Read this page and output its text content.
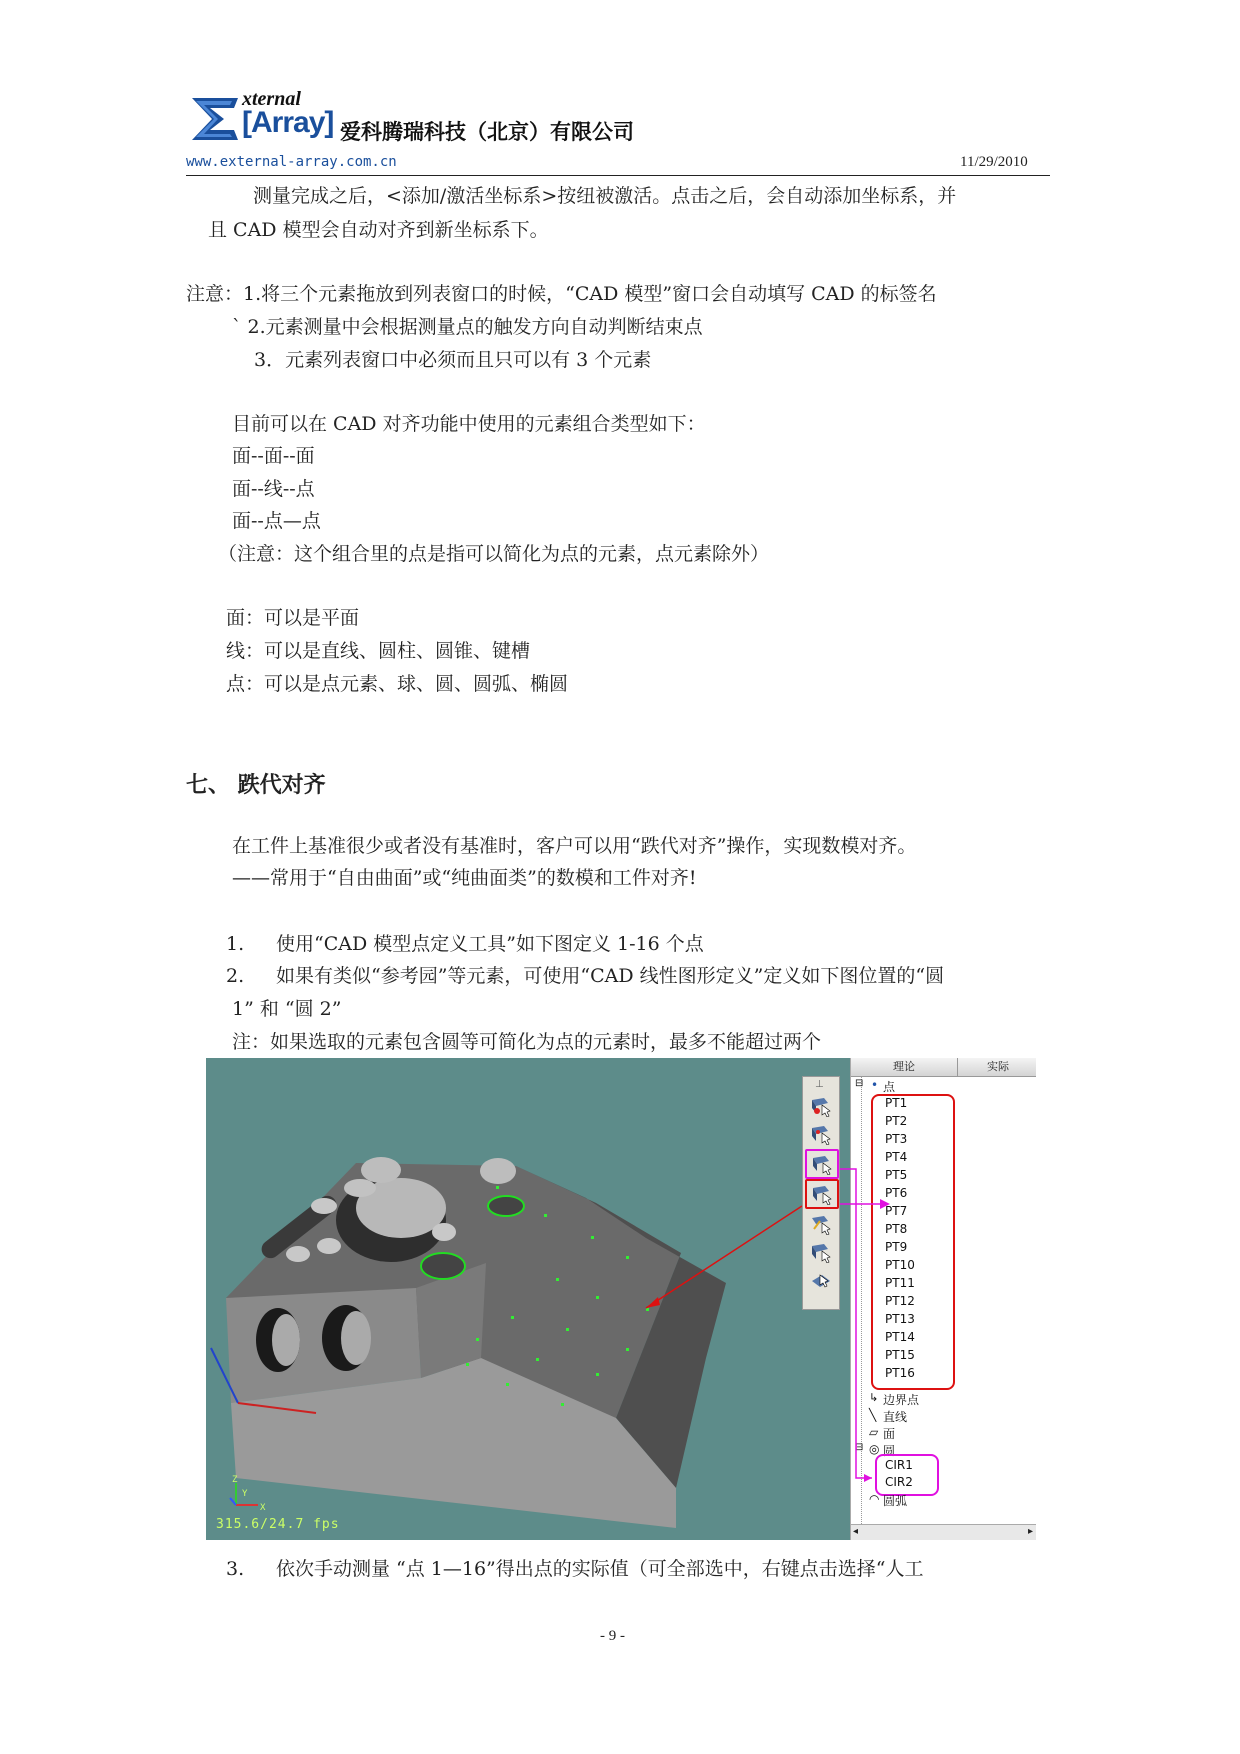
xternal
[Array] 爱科腾瑞科技（北京）有限公司
www.external-array.com.cn	11/29/2010
测量完成之后，<添加/激活坐标系>按纽被激活。点击之后，会自动添加坐标系，并
且 CAD 模型会自动对齐到新坐标系下。
注意：1.将三个元素拖放到列表窗口的时候，“CAD 模型”窗口会自动填写 CAD 的标签名
` 2.元素测量中会根据测量点的触发方向自动判断结束点
3．元素列表窗口中必须而且只可以有 3 个元素
目前可以在 CAD 对齐功能中使用的元素组合类型如下：
面--面--面
面--线--点
面--点—点
（注意：这个组合里的点是指可以简化为点的元素，点元素除外）
面：可以是平面
线：可以是直线、圆柱、圆锥、键槽
点：可以是点元素、球、圆、圆弧、椭圆
七、 跌代对齐
在工件上基准很少或者没有基准时，客户可以用“跌代对齐”操作，实现数模对齐。
——常用于“自由曲面”或“纯曲面类”的数模和工件对齐!
1. 使用“CAD 模型点定义工具”如下图定义 1-16 个点
2. 如果有类似“参考园”等元素，可使用“CAD 线性图形定义”定义如下图位置的“圆
1” 和 “圆 2”
注：如果选取的元素包含圆等可简化为点的元素时，最多不能超过两个
Z
Y
X
315.6/24.7 fps
⊥
理论	实际
⊟ • 点
PT1
PT2
PT3
PT4
PT5
PT6
PT7
PT8
PT9
PT10
PT11
PT12
PT13
PT14
PT15
PT16
↳ 边界点
╲ 直线
▱ 面
⊟ ◎ 圆
CIR1
CIR2
◠ 圆弧
◂	▸
3. 依次手动测量 “点 1—16”得出点的实际值（可全部选中，右键点击选择“人工
- 9 -
